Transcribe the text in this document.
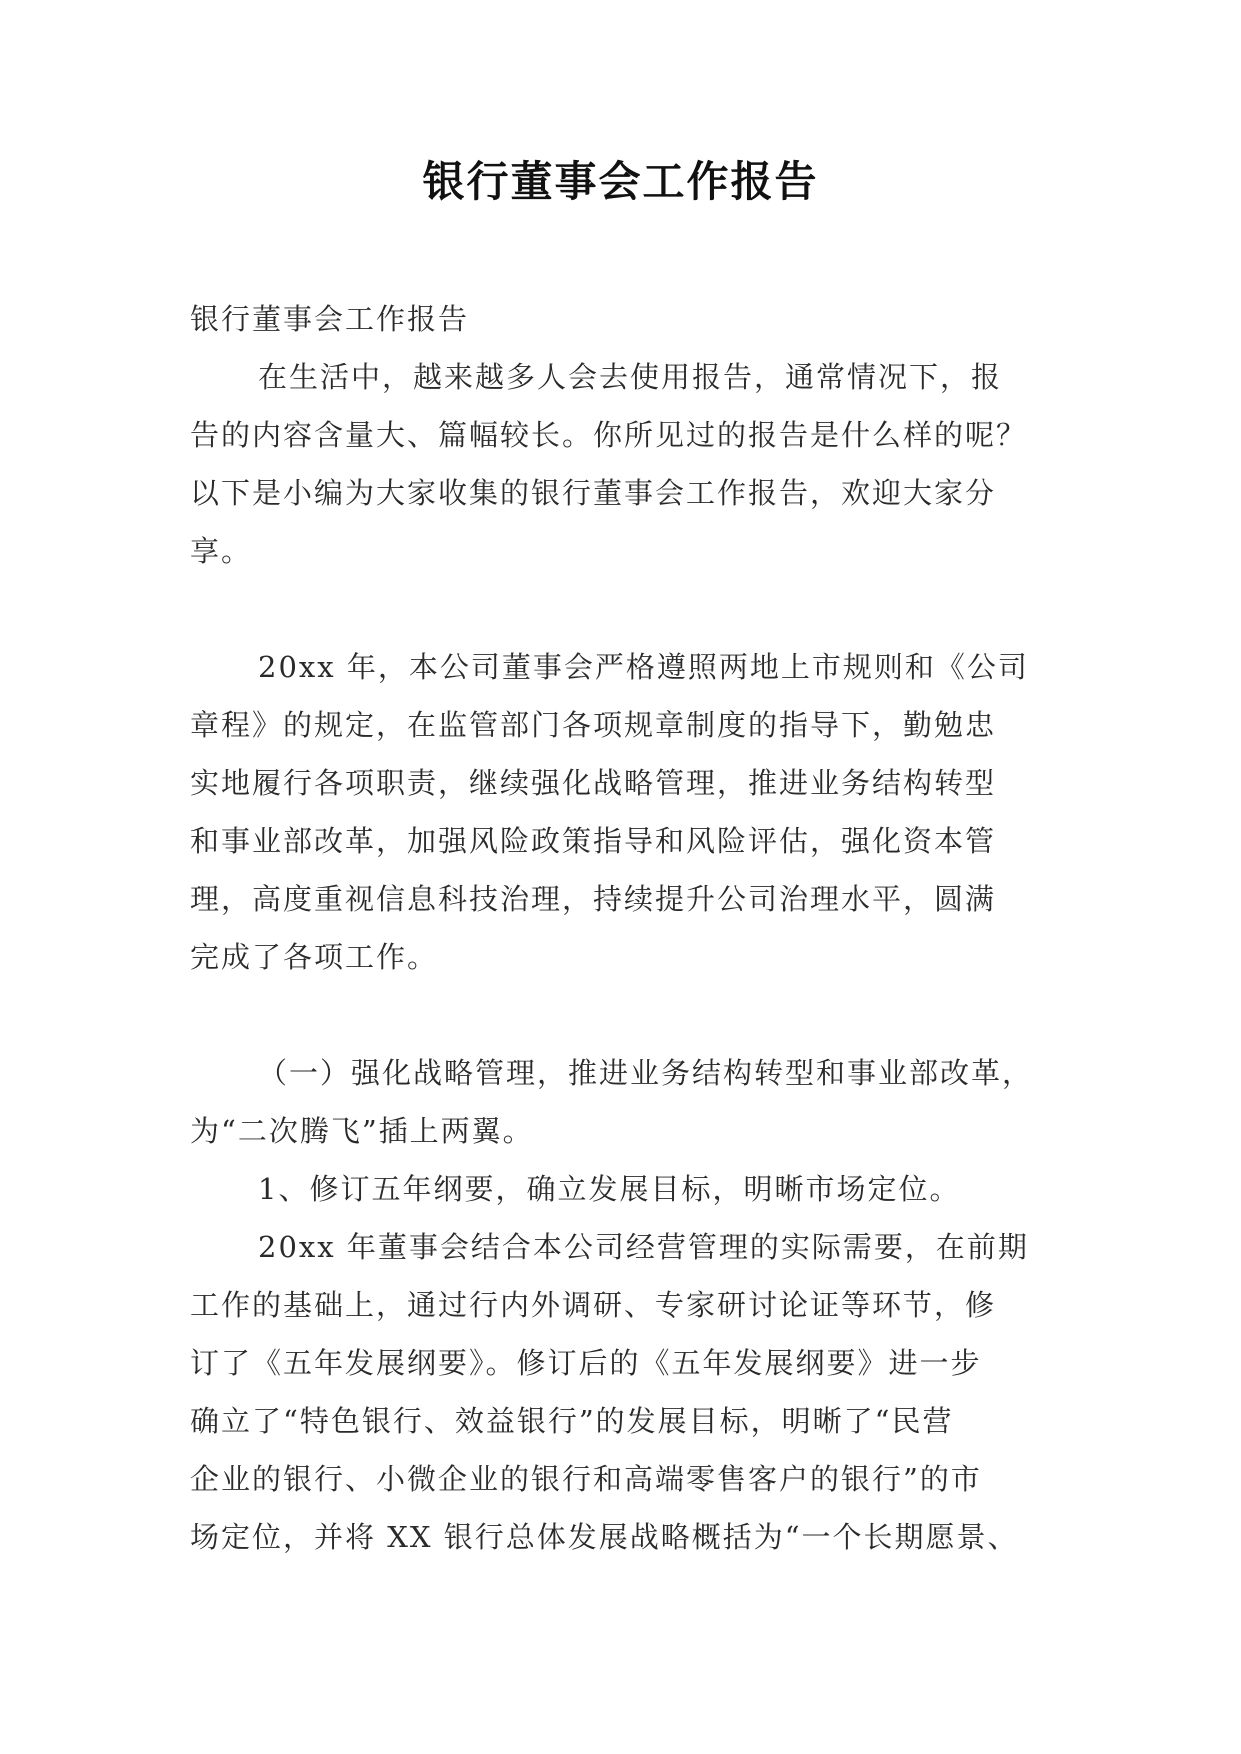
银行董事会工作报告
银行董事会工作报告
在生活中，越来越多人会去使用报告，通常情况下，报
告的内容含量大、篇幅较长。你所见过的报告是什么样的呢？
以下是小编为大家收集的银行董事会工作报告，欢迎大家分
享。
20xx 年，本公司董事会严格遵照两地上市规则和《公司
章程》的规定，在监管部门各项规章制度的指导下，勤勉忠
实地履行各项职责，继续强化战略管理，推进业务结构转型
和事业部改革，加强风险政策指导和风险评估，强化资本管
理，高度重视信息科技治理，持续提升公司治理水平，圆满
完成了各项工作。
（一）强化战略管理，推进业务结构转型和事业部改革，
为“二次腾飞”插上两翼。
1、修订五年纲要，确立发展目标，明晰市场定位。
20xx 年董事会结合本公司经营管理的实际需要，在前期
工作的基础上，通过行内外调研、专家研讨论证等环节，修
订了《五年发展纲要》。修订后的《五年发展纲要》进一步
确立了“特色银行、效益银行”的发展目标，明晰了“民营
企业的银行、小微企业的银行和高端零售客户的银行”的市
场定位，并将 XX 银行总体发展战略概括为“一个长期愿景、
